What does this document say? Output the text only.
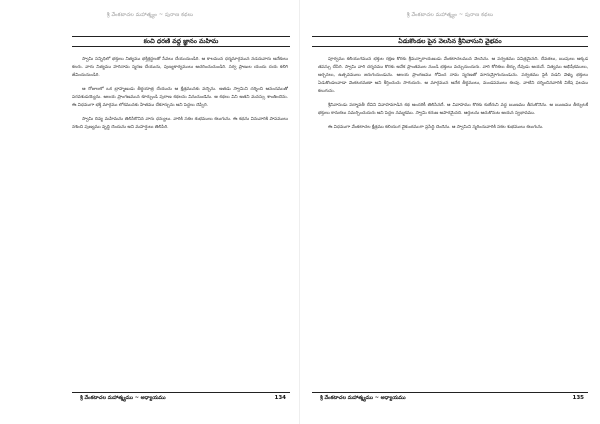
శ్రీ వేంకటాచల మహాత్మ్యం ~ పురాణ కథలు
కంచి ధరణి వద్ద జ్ఞానం మహిమ

స్వామి సన్నిధిలో భక్తులు నిత్యము భక్తిశ్రద్ధలతో సేవలు చేయుచుండిరి. ఆ కాలమున ధర్మమార్గమున నడచువారు అనేకులు కలరు. వారు నిత్యము హరినామ స్మరణ చేయుచు, పుణ్యకార్యములు ఆచరించుచుండిరి. సర్వ ప్రాణుల యందు దయ కలిగి జీవించుచుండిరి.

ఆ రోజులలో ఒక బ్రాహ్మణుడు తీర్థయాత్ర చేయుచు ఆ క్షేత్రమునకు వచ్చెను. అతడు స్వామిని దర్శించి ఆనందముతో పరవశుడయ్యెను. ఆలయ ప్రాంగణమున కూర్చుండి పురాణ కథలను వినుచుండెను. ఆ కథలు విని అతని మనస్సు శాంతించెను. ఈ విధముగా భక్తి మార్గము లోకమునకు హితము చేకూర్చును అని పెద్దలు చెప్పిరి.

స్వామి దివ్య మహిమను తెలిసికొనిన వారు ధన్యులు. వారికి సకల శుభములు కలుగును. ఈ కథను వినువారికి పాపములు నశించి పుణ్యము వృద్ధి చెందును అని మహర్షులు తెలిపిరి.

శ్రీ వేంకటాచల మహాత్మ్యము ~ అధ్యాయము	134
శ్రీ వేంకటాచల మహాత్మ్యం ~ పురాణ కథలు
ఏడుకొండల పైన వెలసిన శ్రీనివాసుని వైభవం

పూర్వము కలియుగమున భక్తుల రక్షణ కొరకు శ్రీమన్నారాయణుడు వేంకటాచలమున వెలసెను. ఆ పర్వతము పవిత్రమైనది. దేవతలు, ఋషులు అక్కడ తపస్సు చేసిరి. స్వామి వారి దర్శనము కొరకు అనేక ప్రాంతముల నుండి భక్తులు వచ్చుచుందురు. వారి కోరికలు తీర్చు దేవుడు ఆయనే. నిత్యము అభిషేకములు, అర్చనలు, ఉత్సవములు జరుగుచుండును. ఆలయ ప్రాంగణము గోవింద నామ స్మరణతో మారుమ్రోగుచుండును. పర్వతము పైకి నడచి వెళ్ళు భక్తులు ఏడుకొండలవాడా వెంకటరమణా అని కీర్తించుచు సాగుదురు. ఆ మార్గమున అనేక తీర్థములు, మండపములు కలవు. వాటిని దర్శించినవారికి విశేష ఫలము కలుగును.

శ్రీనివాసుడు పద్మావతీ దేవిని వివాహమాడిన కథ అందరికీ తెలిసినదే. ఆ వివాహము కొరకు కుబేరుని వద్ద ఋణము తీసుకొనెను. ఆ ఋణము తీర్చుటకే భక్తులు కానుకలు సమర్పించుదురు అని పెద్దల నమ్మకము. స్వామి కరుణ అపారమైనది. ఆర్తులను ఆదుకొనుట ఆయన స్వభావము.

ఈ విధముగా వేంకటాచల క్షేత్రము కలియుగ వైకుంఠముగా ప్రసిద్ధి చెందెను. ఆ స్వామిని స్మరించువారికి సకల శుభములు కలుగును.

శ్రీ వేంకటాచల మహాత్మ్యము ~ అధ్యాయము	135
